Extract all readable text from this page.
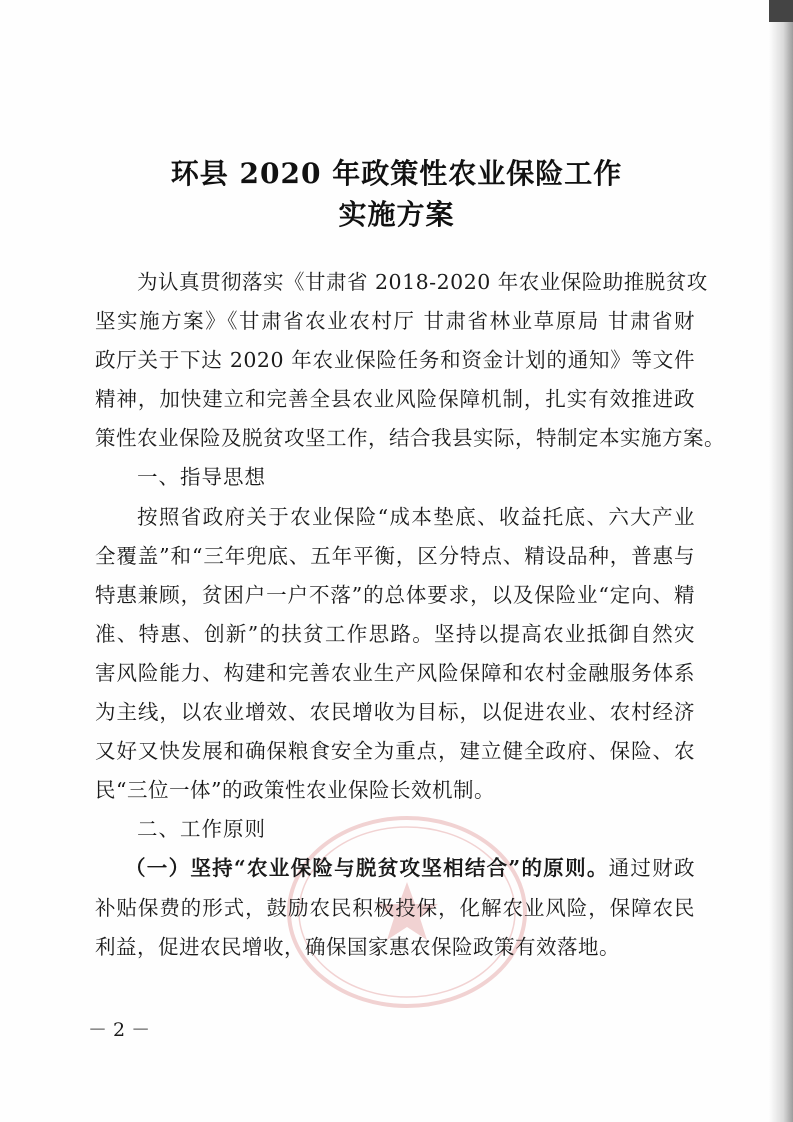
环县 2020 年政策性农业保险工作
实施方案
为认真贯彻落实《甘肃省 2018-2020 年农业保险助推脱贫攻
坚实施方案》《甘肃省农业农村厅 甘肃省林业草原局 甘肃省财
政厅关于下达 2020 年农业保险任务和资金计划的通知》等文件
精神，加快建立和完善全县农业风险保障机制，扎实有效推进政
策性农业保险及脱贫攻坚工作，结合我县实际，特制定本实施方案。
一、指导思想
按照省政府关于农业保险“成本垫底、收益托底、六大产业
全覆盖”和“三年兜底、五年平衡，区分特点、精设品种，普惠与
特惠兼顾，贫困户一户不落”的总体要求，以及保险业“定向、精
准、特惠、创新”的扶贫工作思路。坚持以提高农业抵御自然灾
害风险能力、构建和完善农业生产风险保障和农村金融服务体系
为主线，以农业增效、农民增收为目标，以促进农业、农村经济
又好又快发展和确保粮食安全为重点，建立健全政府、保险、农
民“三位一体”的政策性农业保险长效机制。
二、工作原则
（一）坚持“农业保险与脱贫攻坚相结合”的原则。通过财政
补贴保费的形式，鼓励农民积极投保，化解农业风险，保障农民
利益，促进农民增收，确保国家惠农保险政策有效落地。
－ 2 －
